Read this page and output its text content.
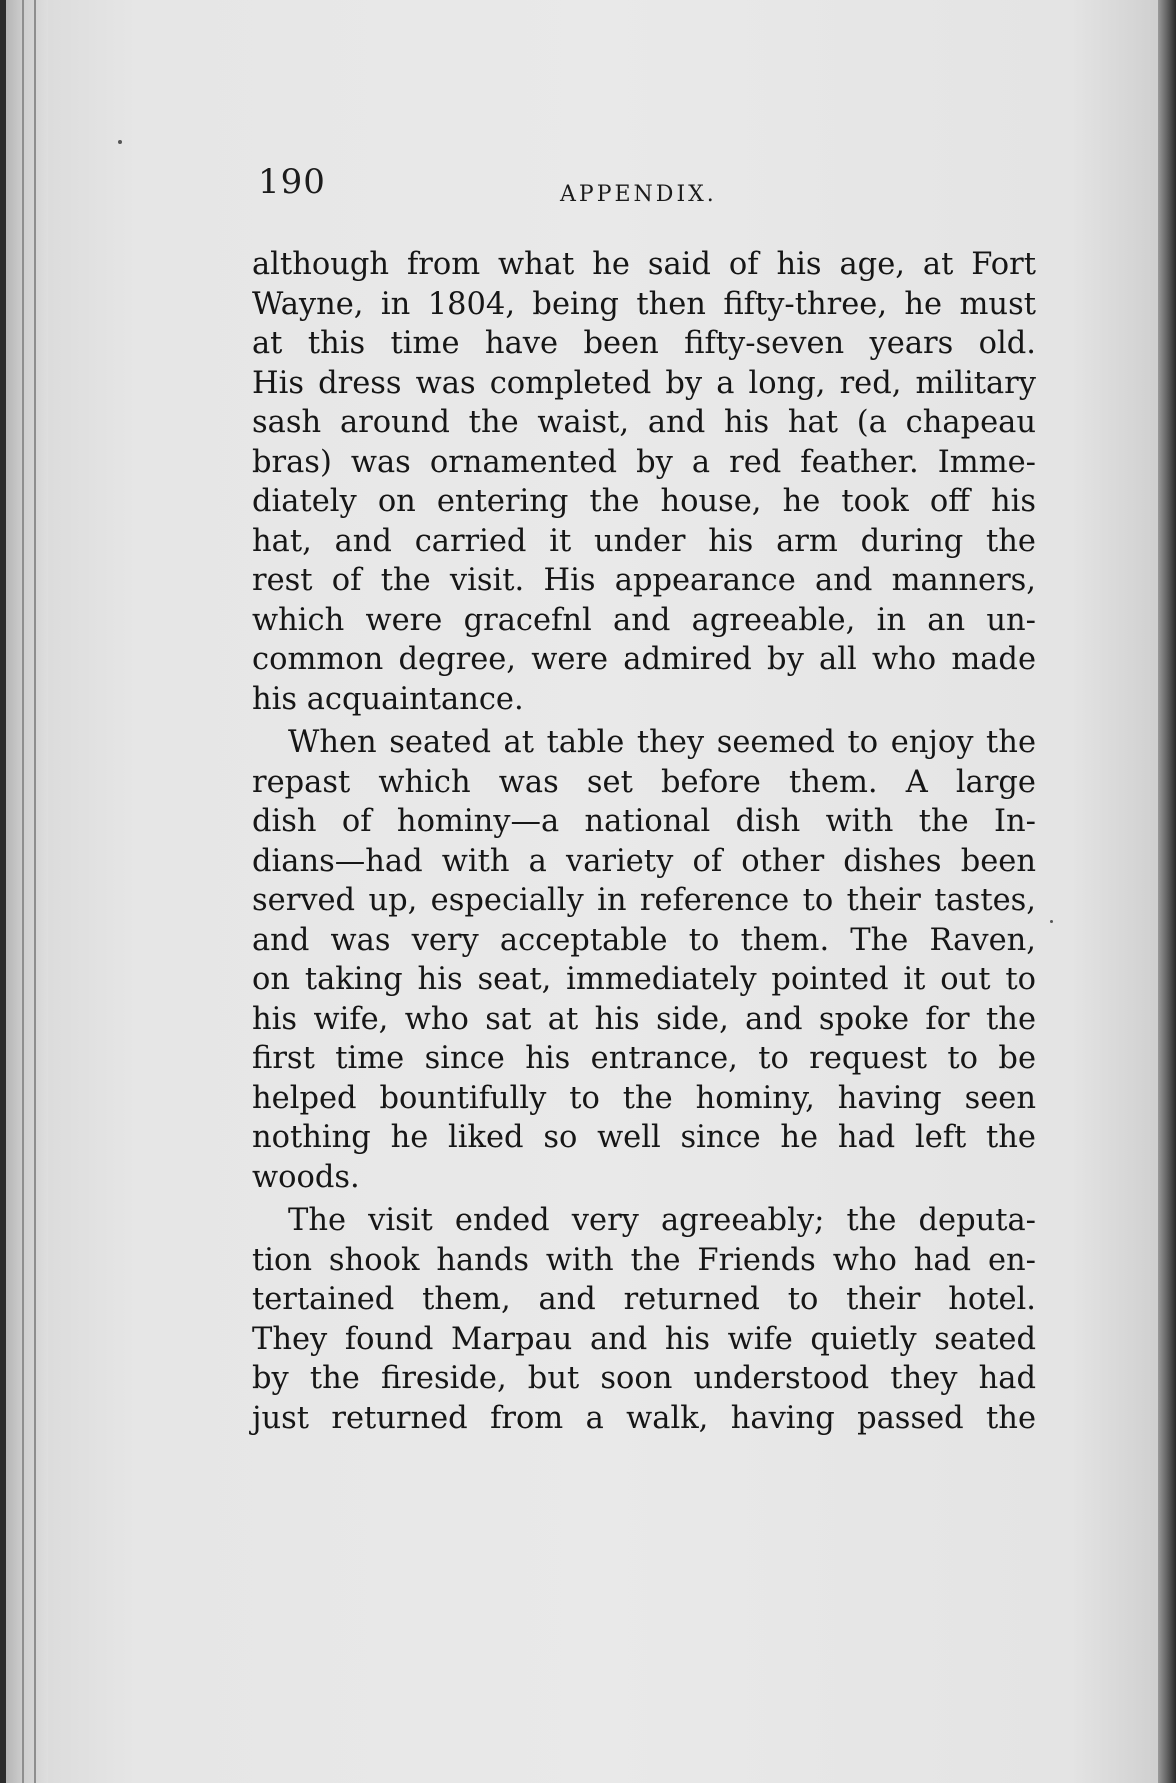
190	APPENDIX.
although from what he said of his age, at Fort
Wayne, in 1804, being then fifty-three, he must
at this time have been fifty-seven years old.
His dress was completed by a long, red, military
sash around the waist, and his hat (a chapeau
bras) was ornamented by a red feather. Imme-
diately on entering the house, he took off his
hat, and carried it under his arm during the
rest of the visit. His appearance and manners,
which were gracefnl and agreeable, in an un-
common degree, were admired by all who made
his acquaintance.
When seated at table they seemed to enjoy the
repast which was set before them. A large
dish of hominy—a national dish with the In-
dians—had with a variety of other dishes been
served up, especially in reference to their tastes,
and was very acceptable to them. The Raven,
on taking his seat, immediately pointed it out to
his wife, who sat at his side, and spoke for the
first time since his entrance, to request to be
helped bountifully to the hominy, having seen
nothing he liked so well since he had left the
woods.
The visit ended very agreeably; the deputa-
tion shook hands with the Friends who had en-
tertained them, and returned to their hotel.
They found Marpau and his wife quietly seated
by the fireside, but soon understood they had
just returned from a walk, having passed the
